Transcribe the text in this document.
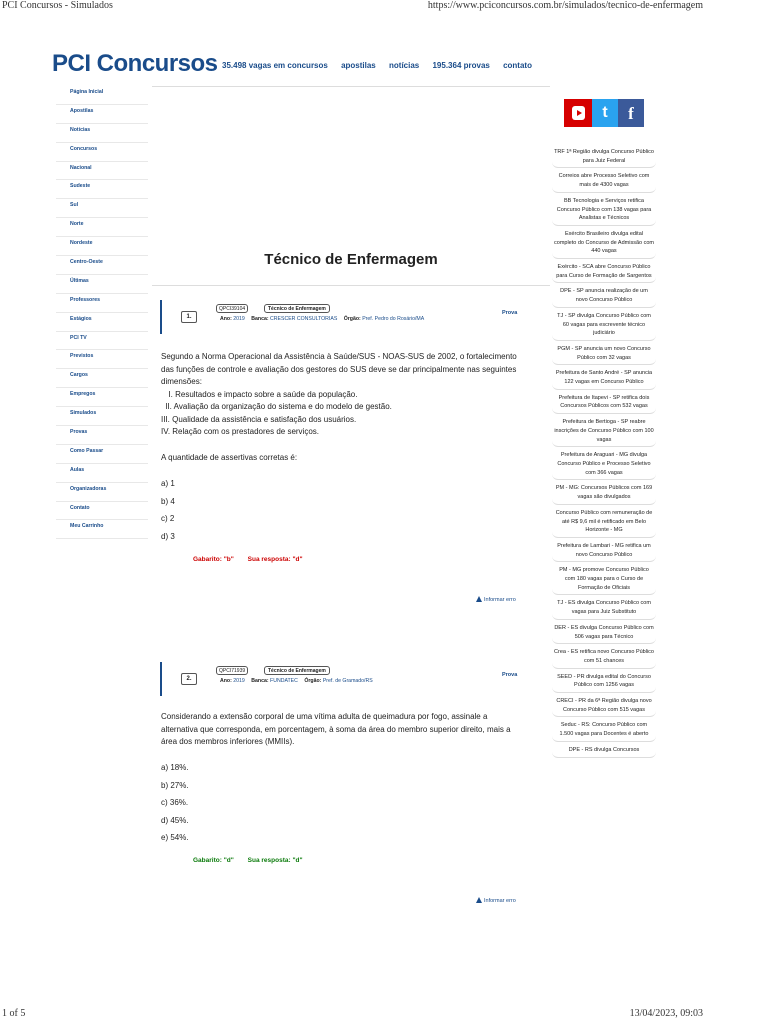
PCI Concursos - Simulados	https://www.pciconcursos.com.br/simulados/tecnico-de-enfermagem
PCI Concursos 35.498 vagas em concursos apostilas notícias 195.364 provas contato
Página Inicial
Apostilas
Notícias
Concursos
Nacional
Sudeste
Sul
Norte
Nordeste
Centro-Oeste
Últimas
Professores
Estágios
PCI TV
Previstos
Cargos
Empregos
Simulados
Provas
Como Passar
Aulas
Organizadoras
Contato
Meu Carrinho
Técnico de Enfermagem
1.
QPCI39104	Técnico de Enfermagem
Prova
Ano: 2019 Banca: CRESCER CONSULTORIAS Órgão: Pref. Pedro do Rosário/MA
Segundo a Norma Operacional da Assistência à Saúde/SUS - NOAS-SUS de 2002, o fortalecimento
das funções de controle e avaliação dos gestores do SUS deve se dar principalmente nas seguintes
dimensões:
I. Resultados e impacto sobre a saúde da população.
II. Avaliação da organização do sistema e do modelo de gestão.
III. Qualidade da assistência e satisfação dos usuários.
IV. Relação com os prestadores de serviços.
A quantidade de assertivas corretas é:
a) 1
b) 4
c) 2
d) 3
Gabarito: "b" Sua resposta: "d"
Informar erro
2.
QPCI71939	Técnico de Enfermagem
Prova
Ano: 2019 Banca: FUNDATEC Órgão: Pref. de Gramado/RS
Considerando a extensão corporal de uma vítima adulta de queimadura por fogo, assinale a
alternativa que corresponda, em porcentagem, à soma da área do membro superior direito, mais a
área dos membros inferiores (MMIIs).
a) 18%.
b) 27%.
c) 36%.
d) 45%.
e) 54%.
Gabarito: "d" Sua resposta: "d"
Informar erro
t	f
TRF 1ª Região divulga Concurso Público para Juiz Federal
Correios abre Processo Seletivo com mais de 4300 vagas
BB Tecnologia e Serviços retifica Concurso Público com 138 vagas para Analistas e Técnicos
Exército Brasileiro divulga edital completo do Concurso de Admissão com 440 vagas
Exército - SCA abre Concurso Público para Curso de Formação de Sargentos
DPE - SP anuncia realização de um novo Concurso Público
TJ - SP divulga Concurso Público com 60 vagas para escrevente técnico judiciário
PGM - SP anuncia um novo Concurso Público com 32 vagas
Prefeitura de Santo André - SP anuncia 122 vagas em Concurso Público
Prefeitura de Itapevi - SP retifica dois Concursos Públicos com 532 vagas
Prefeitura de Bertioga - SP reabre inscrições de Concurso Público com 100 vagas
Prefeitura de Araguari - MG divulga Concurso Público e Processo Seletivo com 366 vagas
PM - MG: Concursos Públicos com 169 vagas são divulgados
Concurso Público com remuneração de até R$ 9,6 mil é retificado em Belo Horizonte - MG
Prefeitura de Lambari - MG retifica um novo Concurso Público
PM - MG promove Concurso Público com 180 vagas para o Curso de Formação de Oficiais
TJ - ES divulga Concurso Público com vagas para Juiz Substituto
DER - ES divulga Concurso Público com 506 vagas para Técnico
Crea - ES retifica novo Concurso Público com 51 chances
SEED - PR divulga edital do Concurso Público com 1256 vagas
CRECI - PR da 6ª Região divulga novo Concurso Público com 515 vagas
Seduc - RS: Concurso Público com 1.500 vagas para Docentes é aberto
DPE - RS divulga Concursos
1 of 5	13/04/2023, 09:03
